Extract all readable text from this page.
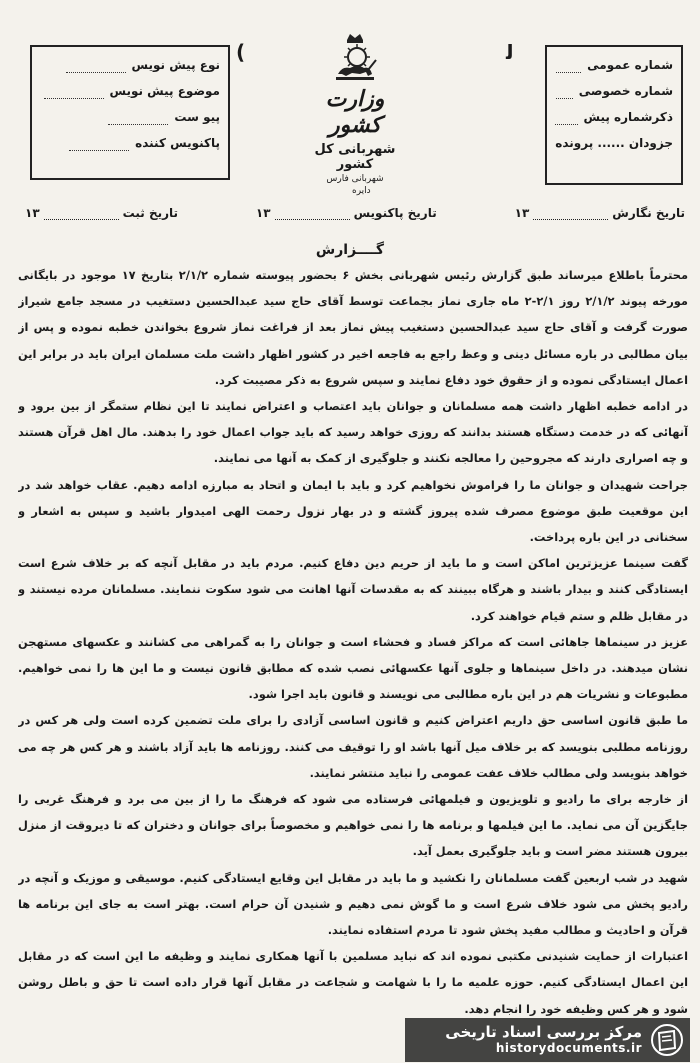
نوع پیش نویس
موضوع پیش نویس
پیو ست
پاکنویس کننده
(	ﻟ
وزارت کشور
شهربانی کل کشور
شهربانی فارس
شماره عمومی
شماره خصوصی
ذکرشماره پیش
جزودان ...... پرونده
دایره
تاریخ نگارش
۱۳
تاریخ پاکنویس
۱۳
تاریخ ثبت
۱۳
گــــزارش

محترماً باطلاع میرساند طبق گزارش رئیس شهربانی بخش ۶ بحضور پیوسته شماره ۲/۱/۲ بتاریخ ۱۷ موجود در بایگانی مورخه پیوند ۲/۱/۲ روز ۲/۱-۲ ماه جاری نماز بجماعت توسط آقای حاج سید عبدالحسین دستغیب در مسجد جامع شیراز صورت گرفت و آقای حاج سید عبدالحسین دستغیب پیش نماز بعد از فراغت نماز شروع بخواندن خطبه نموده و پس از بیان مطالبی در باره مسائل دینی و وعظ راجع به فاجعه اخیر در کشور اظهار داشت ملت مسلمان ایران باید در برابر این اعمال ایستادگی نموده و از حقوق خود دفاع نمایند و سپس شروع به ذکر مصیبت کرد.

در ادامه خطبه اظهار داشت همه مسلمانان و جوانان باید اعتصاب و اعتراض نمایند تا این نظام ستمگر از بین برود و آنهائی که در خدمت دستگاه هستند بدانند که روزی خواهد رسید که باید جواب اعمال خود را بدهند. مال اهل قرآن هستند و چه اصراری دارند که مجروحین را معالجه نکنند و جلوگیری از کمک به آنها می نمایند.

جراحت شهیدان و جوانان ما را فراموش نخواهیم کرد و باید با ایمان و اتحاد به مبارزه ادامه دهیم. عقاب خواهد شد در این موقعیت طبق موضوع مصرف شده پیروز گشته و در بهار نزول رحمت الهی امیدوار باشید و سپس به اشعار و سخنانی در این باره پرداخت.

گفت سینما عزیزترین اماکن است و ما باید از حریم دین دفاع کنیم. مردم باید در مقابل آنچه که بر خلاف شرع است ایستادگی کنند و بیدار باشند و هرگاه ببینند که به مقدسات آنها اهانت می شود سکوت ننمایند. مسلمانان مرده نیستند و در مقابل ظلم و ستم قیام خواهند کرد.

عزیز در سینماها جاهائی است که مراکز فساد و فحشاء است و جوانان را به گمراهی می کشانند و عکسهای مستهجن نشان میدهند. در داخل سینماها و جلوی آنها عکسهائی نصب شده که مطابق قانون نیست و ما این ها را نمی خواهیم. مطبوعات و نشریات هم در این باره مطالبی می نویسند و قانون باید اجرا شود.

ما طبق قانون اساسی حق داریم اعتراض کنیم و قانون اساسی آزادی را برای ملت تضمین کرده است ولی هر کس در روزنامه مطلبی بنویسد که بر خلاف میل آنها باشد او را توقیف می کنند. روزنامه ها باید آزاد باشند و هر کس هر چه می خواهد بنویسد ولی مطالب خلاف عفت عمومی را نباید منتشر نمایند.

از خارجه برای ما رادیو و تلویزیون و فیلمهائی فرستاده می شود که فرهنگ ما را از بین می برد و فرهنگ غربی را جایگزین آن می نماید. ما این فیلمها و برنامه ها را نمی خواهیم و مخصوصاً برای جوانان و دختران که تا دیروقت از منزل بیرون هستند مضر است و باید جلوگیری بعمل آید.

شهید در شب اربعین گفت مسلمانان را نکشید و ما باید در مقابل این وقایع ایستادگی کنیم. موسیقی و موزیک و آنچه در رادیو پخش می شود خلاف شرع است و ما گوش نمی دهیم و شنیدن آن حرام است. بهتر است به جای این برنامه ها قرآن و احادیث و مطالب مفید پخش شود تا مردم استفاده نمایند.

اعتبارات از حمایت شنیدنی مکتبی نموده اند که نباید مسلمین با آنها همکاری نمایند و وظیفه ما این است که در مقابل این اعمال ایستادگی کنیم. حوزه علمیه ما را با شهامت و شجاعت در مقابل آنها قرار داده است تا حق و باطل روشن شود و هر کس وظیفه خود را انجام دهد.

مرکز بررسی اسناد تاریخی
historydocuments.ir
